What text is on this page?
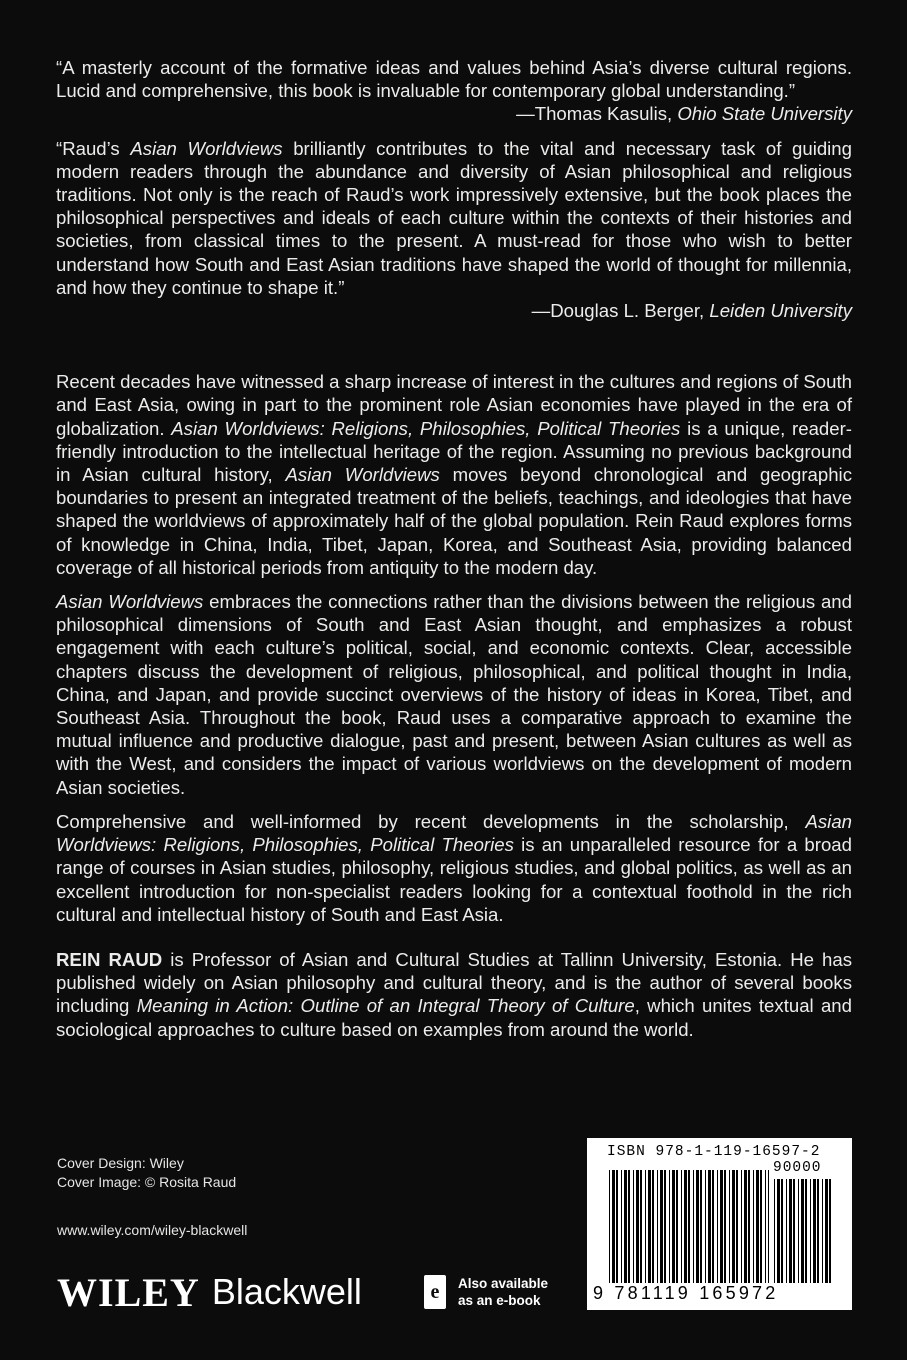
“A masterly account of the formative ideas and values behind Asia’s diverse cultural regions. Lucid and comprehensive, this book is invaluable for contemporary global understanding.”

—Thomas Kasulis, Ohio State University

“Raud’s Asian Worldviews brilliantly contributes to the vital and necessary task of guiding modern readers through the abundance and diversity of Asian philosophical and religious traditions. Not only is the reach of Raud’s work impressively extensive, but the book places the philosophical perspectives and ideals of each culture within the contexts of their histories and societies, from classical times to the present. A must-read for those who wish to better understand how South and East Asian traditions have shaped the world of thought for millennia, and how they continue to shape it.”

—Douglas L. Berger, Leiden University

Recent decades have witnessed a sharp increase of interest in the cultures and regions of South and East Asia, owing in part to the prominent role Asian economies have played in the era of globalization. Asian Worldviews: Religions, Philosophies, Political Theories is a unique, reader-friendly introduction to the intellectual heritage of the region. Assuming no previous background in Asian cultural history, Asian Worldviews moves beyond chronological and geographic boundaries to present an integrated treatment of the beliefs, teachings, and ideologies that have shaped the worldviews of approximately half of the global population. Rein Raud explores forms of knowledge in China, India, Tibet, Japan, Korea, and Southeast Asia, providing balanced coverage of all historical periods from antiquity to the modern day.

Asian Worldviews embraces the connections rather than the divisions between the religious and philosophical dimensions of South and East Asian thought, and emphasizes a robust engagement with each culture’s political, social, and economic contexts. Clear, accessible chapters discuss the development of religious, philosophical, and political thought in India, China, and Japan, and provide succinct overviews of the history of ideas in Korea, Tibet, and Southeast Asia. Throughout the book, Raud uses a comparative approach to examine the mutual influence and productive dialogue, past and present, between Asian cultures as well as with the West, and considers the impact of various worldviews on the development of modern Asian societies.

Comprehensive and well-informed by recent developments in the scholarship, Asian Worldviews: Religions, Philosophies, Political Theories is an unparalleled resource for a broad range of courses in Asian studies, philosophy, religious studies, and global politics, as well as an excellent introduction for non-specialist readers looking for a contextual foothold in the rich cultural and intellectual history of South and East Asia.

REIN RAUD is Professor of Asian and Cultural Studies at Tallinn University, Estonia. He has published widely on Asian philosophy and cultural theory, and is the author of several books including Meaning in Action: Outline of an Integral Theory of Culture, which unites textual and sociological approaches to culture based on examples from around the world.

Cover Design: Wiley
Cover Image: © Rosita Raud
www.wiley.com/wiley-blackwell
WILEY Blackwell	e	Also available
as an e-book
ISBN 978-1-119-16597-2
90000
9 781119 165972
